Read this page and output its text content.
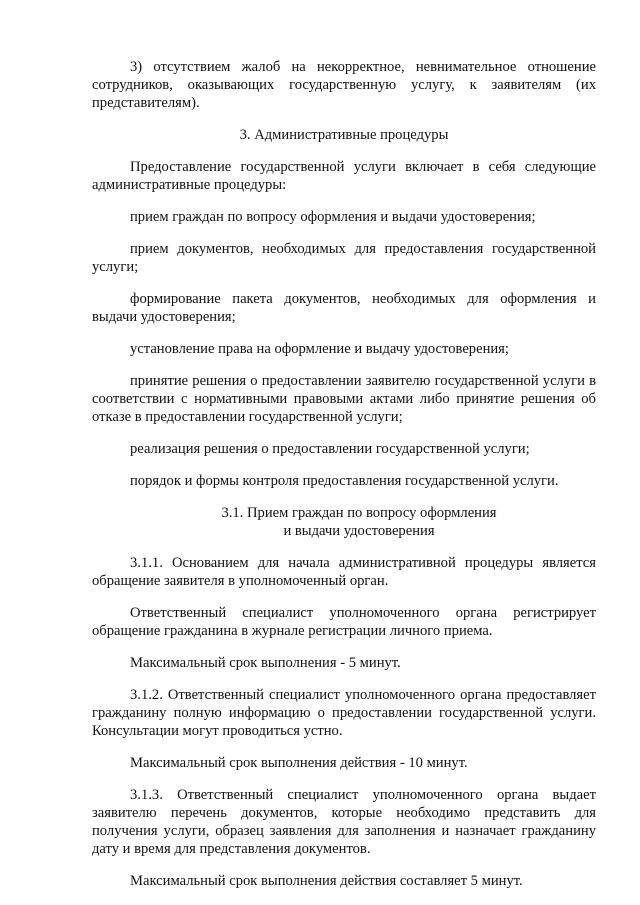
3) отсутствием жалоб на некорректное, невнимательное отношение сотрудников, оказывающих государственную услугу, к заявителям (их представителям).

3. Административные процедуры

Предоставление государственной услуги включает в себя следующие административные процедуры:

прием граждан по вопросу оформления и выдачи удостоверения;

прием документов, необходимых для предоставления государственной услуги;

формирование пакета документов, необходимых для оформления и выдачи удостоверения;

установление права на оформление и выдачу удостоверения;

принятие решения о предоставлении заявителю государственной услуги в соответствии с нормативными правовыми актами либо принятие решения об отказе в предоставлении государственной услуги;

реализация решения о предоставлении государственной услуги;

порядок и формы контроля предоставления государственной услуги.

3.1. Прием граждан по вопросу оформления
и выдачи удостоверения

3.1.1. Основанием для начала административной процедуры является обращение заявителя в уполномоченный орган.

Ответственный специалист уполномоченного органа регистрирует обращение гражданина в журнале регистрации личного приема.

Максимальный срок выполнения - 5 минут.

3.1.2. Ответственный специалист уполномоченного органа предоставляет гражданину полную информацию о предоставлении государственной услуги. Консультации могут проводиться устно.

Максимальный срок выполнения действия - 10 минут.

3.1.3. Ответственный специалист уполномоченного органа выдает заявителю перечень документов, которые необходимо представить для получения услуги, образец заявления для заполнения и назначает гражданину дату и время для представления документов.

Максимальный срок выполнения действия составляет 5 минут.
